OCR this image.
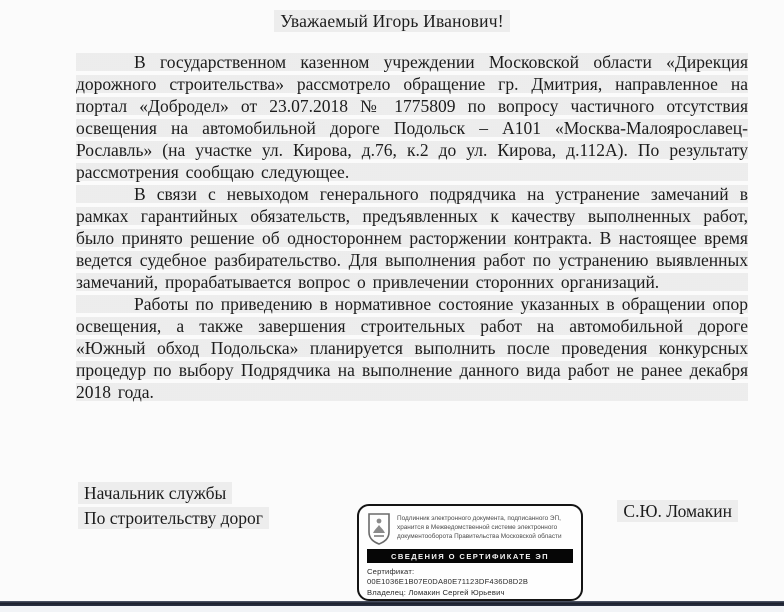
Уважаемый Игорь Иванович!

В государственном казенном учреждении Московской области «Дирекция дорожного строительства» рассмотрело обращение гр. Дмитрия, направленное на портал «Добродел» от 23.07.2018 № 1775809 по вопросу частичного отсутствия освещения на автомобильной дороге Подольск – А101 «Москва-Малоярославец-Рославль» (на участке ул. Кирова, д.76, к.2 до ул. Кирова, д.112А). По результату рассмотрения сообщаю следующее.

В связи с невыходом генерального подрядчика на устранение замечаний в рамках гарантийных обязательств, предъявленных к качеству выполненных работ, было принято решение об одностороннем расторжении контракта. В настоящее время ведется судебное разбирательство. Для выполнения работ по устранению выявленных замечаний, прорабатывается вопрос о привлечении сторонних организаций.

Работы по приведению в нормативное состояние указанных в обращении опор освещения, а также завершения строительных работ на автомобильной дороге «Южный обход Подольска» планируется выполнить после проведения конкурсных процедур по выбору Подрядчика на выполнение данного вида работ не ранее декабря 2018 года.

Начальник службы
По строительству дорог	С.Ю. Ломакин
Подлинник электронного документа, подписанного ЭП, хранится в Межведомственной системе электронного документооборота Правительства Московской области
СВЕДЕНИЯ О СЕРТИФИКАТЕ ЭП
Сертификат: 00E1036E1B07E0DA80E71123DF436D8D2B
Владелец: Ломакин Сергей Юрьевич
